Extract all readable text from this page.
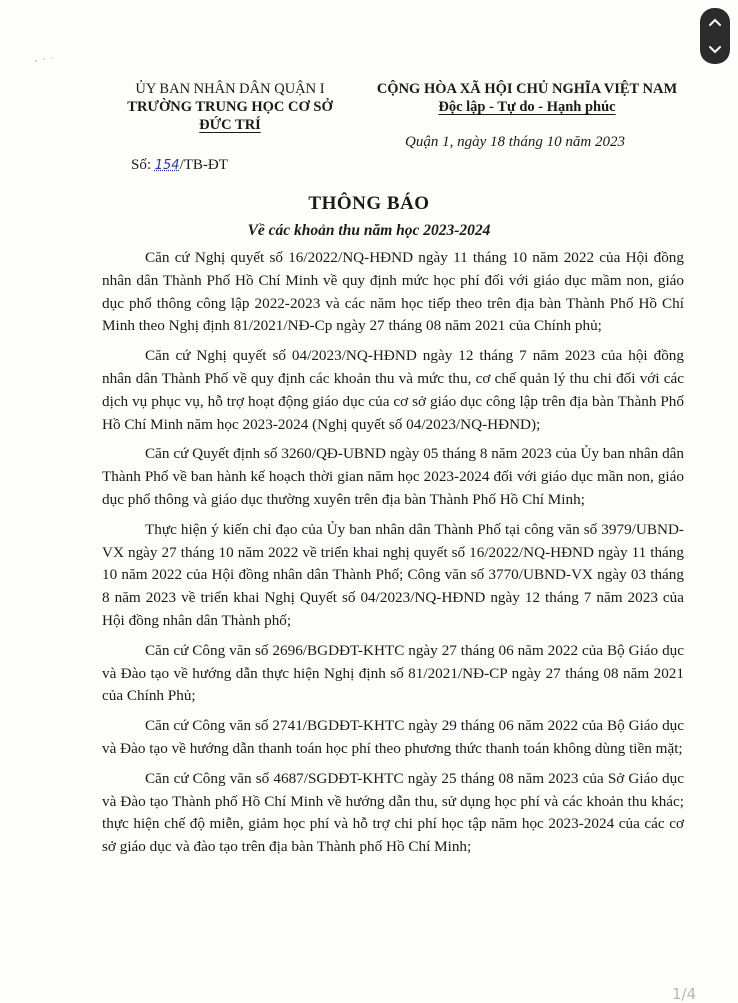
ỦY BAN NHÂN DÂN QUẬN I
TRƯỜNG TRUNG HỌC CƠ SỞ
ĐỨC TRÍ
CỘNG HÒA XÃ HỘI CHỦ NGHĨA VIỆT NAM
Độc lập - Tự do - Hạnh phúc
Quận 1, ngày 18 tháng 10 năm 2023
Số: 154/TB-ĐT
THÔNG BÁO
Về các khoản thu năm học 2023-2024

Căn cứ Nghị quyết số 16/2022/NQ-HĐND ngày 11 tháng 10 năm 2022 của Hội đồng nhân dân Thành Phố Hồ Chí Minh về quy định mức học phí đối với giáo dục mầm non, giáo dục phổ thông công lập 2022-2023 và các năm học tiếp theo trên địa bàn Thành Phố Hồ Chí Minh theo Nghị định 81/2021/NĐ-Cp ngày 27 tháng 08 năm 2021 của Chính phủ;

Căn cứ Nghị quyết số 04/2023/NQ-HĐND ngày 12 tháng 7 năm 2023 của hội đồng nhân dân Thành Phố về quy định các khoản thu và mức thu, cơ chế quản lý thu chi đối với các dịch vụ phục vụ, hỗ trợ hoạt động giáo dục của cơ sở giáo dục công lập trên địa bàn Thành Phố Hồ Chí Minh năm học 2023-2024 (Nghị quyết số 04/2023/NQ-HĐND);

Căn cứ Quyết định số 3260/QĐ-UBND ngày 05 tháng 8 năm 2023 của Ủy ban nhân dân Thành Phố về ban hành kế hoạch thời gian năm học 2023-2024 đối với giáo dục mần non, giáo dục phổ thông và giáo dục thường xuyên trên địa bàn Thành Phố Hồ Chí Minh;

Thực hiện ý kiến chỉ đạo của Ủy ban nhân dân Thành Phố tại công văn số 3979/UBND-VX ngày 27 tháng 10 năm 2022 về triển khai nghị quyết số 16/2022/NQ-HĐND ngày 11 tháng 10 năm 2022 của Hội đồng nhân dân Thành Phố; Công văn số 3770/UBND-VX ngày 03 tháng 8 năm 2023 về triển khai Nghị Quyết số 04/2023/NQ-HĐND ngày 12 tháng 7 năm 2023 của Hội đồng nhân dân Thành phố;

Căn cứ Công văn số 2696/BGDĐT-KHTC ngày 27 tháng 06 năm 2022 của Bộ Giáo dục và Đào tạo về hướng dẫn thực hiện Nghị định số 81/2021/NĐ-CP ngày 27 tháng 08 năm 2021 của Chính Phủ;

Căn cứ Công văn số 2741/BGDĐT-KHTC ngày 29 tháng 06 năm 2022 của Bộ Giáo dục và Đào tạo về hướng dẫn thanh toán học phí theo phương thức thanh toán không dùng tiền mặt;

Căn cứ Công văn số 4687/SGDĐT-KHTC ngày 25 tháng 08 năm 2023 của Sở Giáo dục và Đào tạo Thành phố Hồ Chí Minh về hướng dẫn thu, sử dụng học phí và các khoản thu khác; thực hiện chế độ miễn, giảm học phí và hỗ trợ chi phí học tập năm học 2023-2024 của các cơ sở giáo dục và đào tạo trên địa bàn Thành phố Hồ Chí Minh;

1/4
